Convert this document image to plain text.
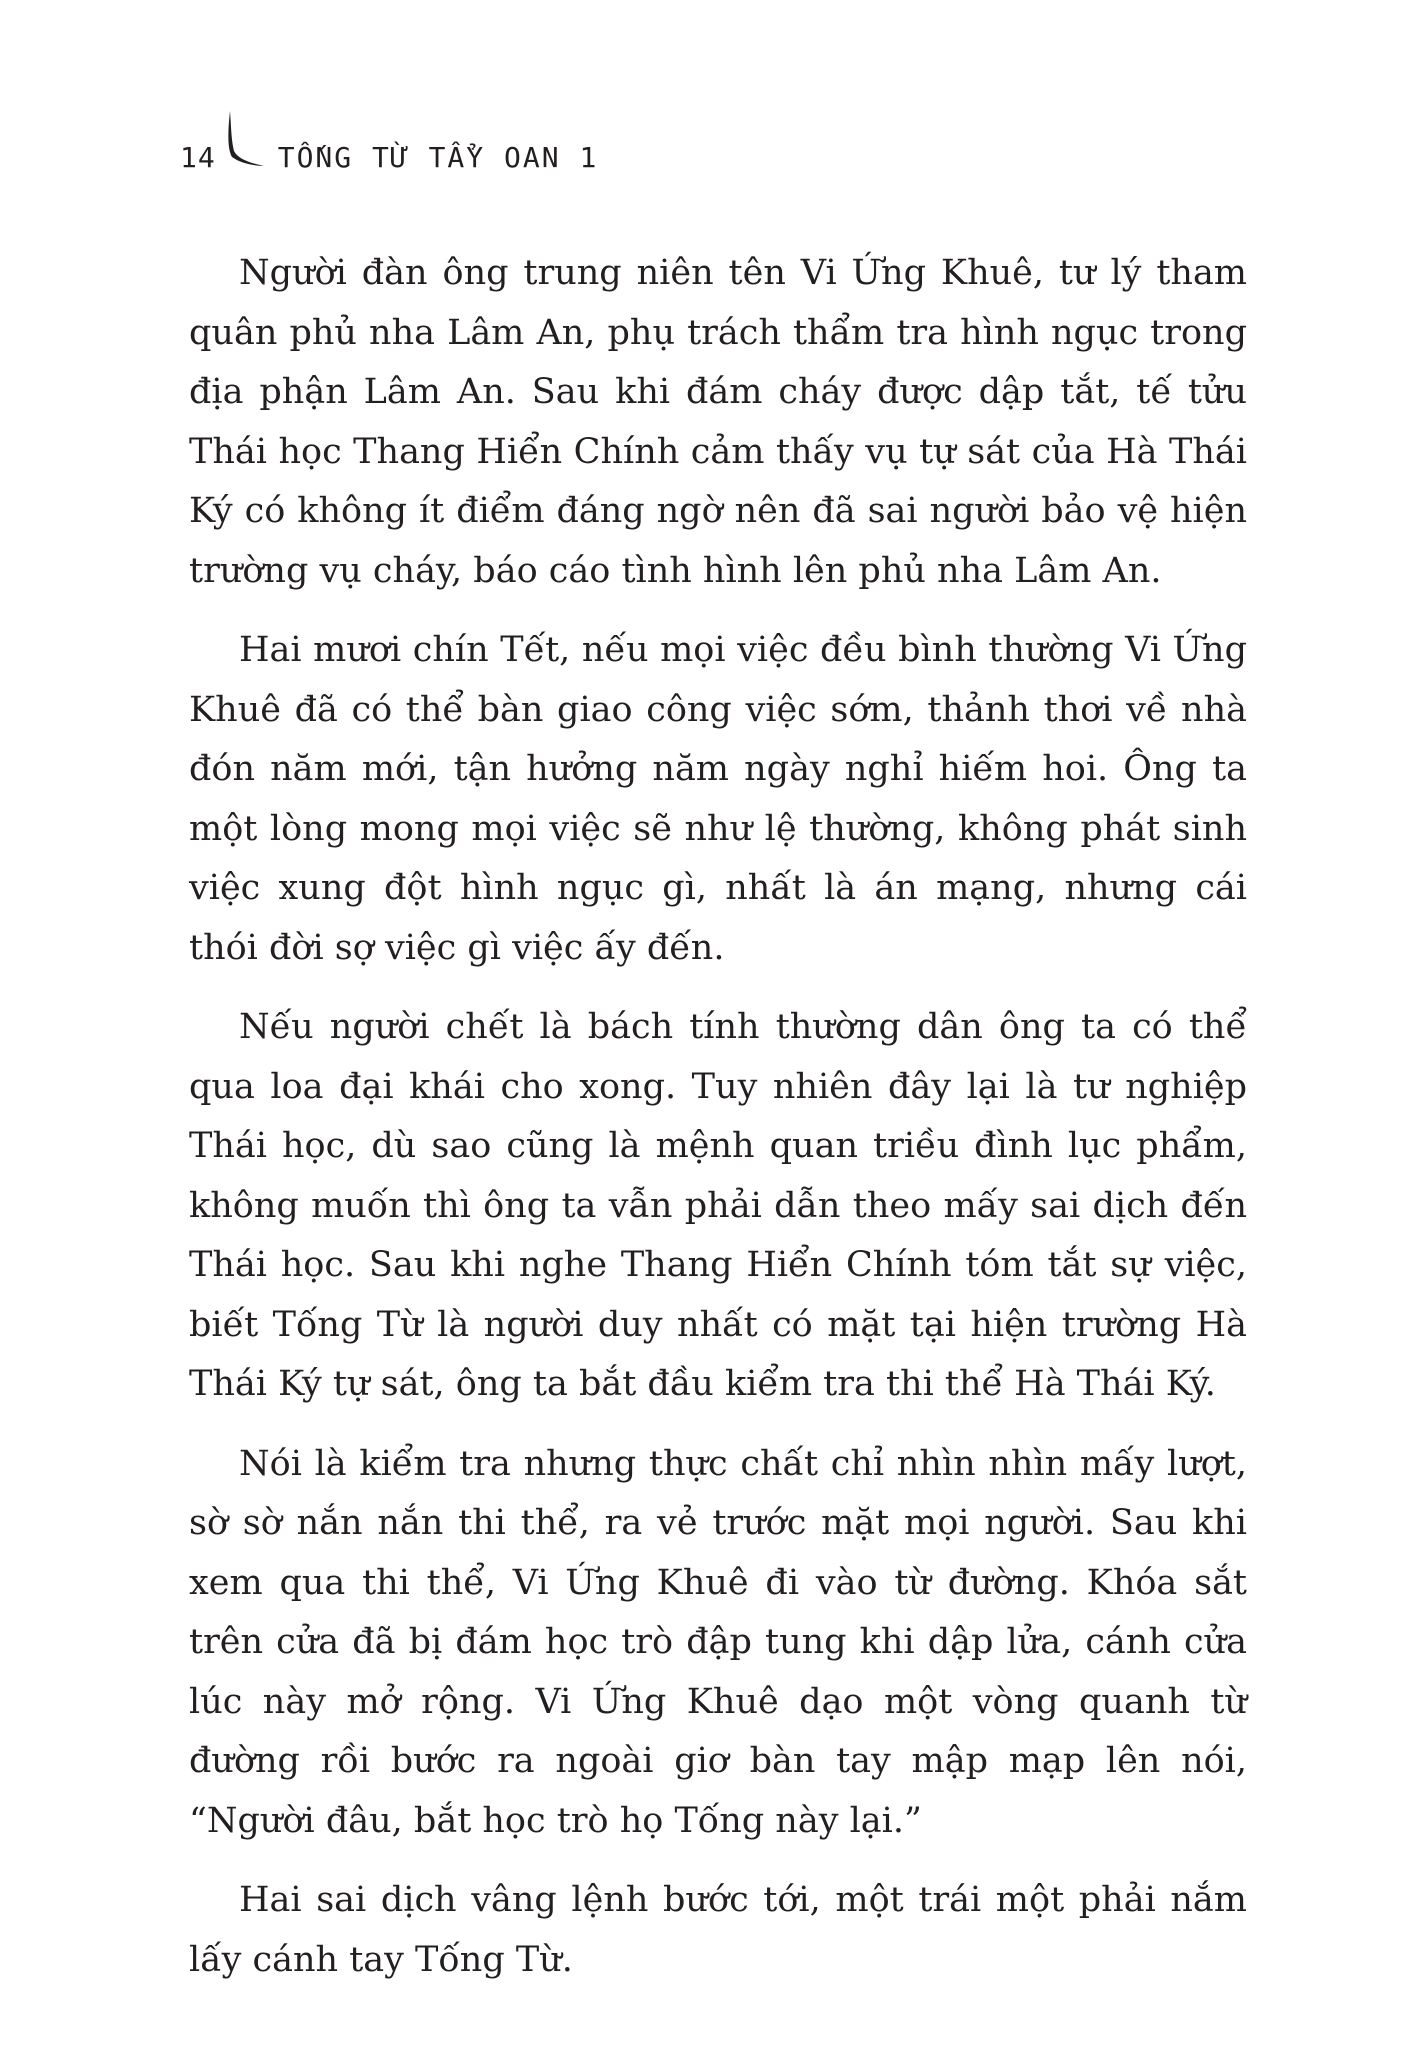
14 TỐNG TỪ TẨY OAN 1

Người đàn ông trung niên tên Vi Ứng Khuê, tư lý tham quân phủ nha Lâm An, phụ trách thẩm tra hình ngục trong địa phận Lâm An. Sau khi đám cháy được dập tắt, tế tửu Thái học Thang Hiển Chính cảm thấy vụ tự sát của Hà Thái Ký có không ít điểm đáng ngờ nên đã sai người bảo vệ hiện trường vụ cháy, báo cáo tình hình lên phủ nha Lâm An.

Hai mươi chín Tết, nếu mọi việc đều bình thường Vi Ứng Khuê đã có thể bàn giao công việc sớm, thảnh thơi về nhà đón năm mới, tận hưởng năm ngày nghỉ hiếm hoi. Ông ta một lòng mong mọi việc sẽ như lệ thường, không phát sinh việc xung đột hình ngục gì, nhất là án mạng, nhưng cái thói đời sợ việc gì việc ấy đến.

Nếu người chết là bách tính thường dân ông ta có thể qua loa đại khái cho xong. Tuy nhiên đây lại là tư nghiệp Thái học, dù sao cũng là mệnh quan triều đình lục phẩm, không muốn thì ông ta vẫn phải dẫn theo mấy sai dịch đến Thái học. Sau khi nghe Thang Hiển Chính tóm tắt sự việc, biết Tống Từ là người duy nhất có mặt tại hiện trường Hà Thái Ký tự sát, ông ta bắt đầu kiểm tra thi thể Hà Thái Ký.

Nói là kiểm tra nhưng thực chất chỉ nhìn nhìn mấy lượt, sờ sờ nắn nắn thi thể, ra vẻ trước mặt mọi người. Sau khi xem qua thi thể, Vi Ứng Khuê đi vào từ đường. Khóa sắt trên cửa đã bị đám học trò đập tung khi dập lửa, cánh cửa lúc này mở rộng. Vi Ứng Khuê dạo một vòng quanh từ đường rồi bước ra ngoài giơ bàn tay mập mạp lên nói, “Người đâu, bắt học trò họ Tống này lại.”

Hai sai dịch vâng lệnh bước tới, một trái một phải nắm lấy cánh tay Tống Từ.
